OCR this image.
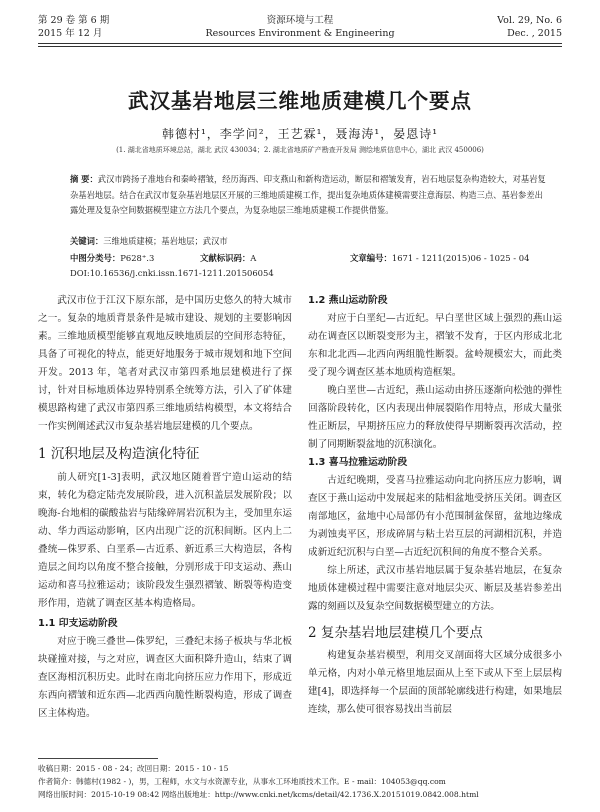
第 29 卷 第 6 期
2015 年 12 月
资源环境与工程
Resources Environment & Engineering
Vol. 29, No. 6
Dec. , 2015
武汉基岩地层三维地质建模几个要点
韩德村¹，李学问²，王艺霖¹，聂海涛¹，晏恩诗¹
(1. 湖北省地质环境总站，湖北 武汉 430034；2. 湖北省地质矿产勘查开发局 测绘地质信息中心，湖北 武汉 450006)
摘 要：武汉市跨扬子准地台和秦岭褶皱，经历海西、印支燕山和新构造运动，断层和褶皱发育，岩石地层复杂构造较大，对基岩复杂基岩地层。结合在武汉市复杂基岩地层区开展的三维地质建模工作，提出复杂地质体建模需要注意海层、构造三点、基岩参差出露处理及复杂空间数据模型建立方法几个要点，为复杂地层三维地质建模工作提供借鉴。
关键词：三维地质建模；基岩地层；武汉市
中图分类号：P628⁺.3	文献标识码：A	文章编号：1671 - 1211(2015)06 - 1025 - 04
DOI:10.16536/j.cnki.issn.1671-1211.201506054

武汉市位于江汉下原东部，是中国历史悠久的特大城市之一。复杂的地质背景条件是城市建设、规划的主要影响因素。三维地质模型能够直观地反映地质层的空间形态特征，具备了可视化的特点，能更好地服务于城市规划和地下空间开发。2013 年，笔者对武汉市第四系地层建模进行了探讨，针对目标地质体边界特别系全统筹方法，引入了矿体建模思路构建了武汉市第四系三维地质结构模型，本文将结合一作实例阐述武汉市复杂基岩地层建模的几个要点。

1 沉积地层及构造演化特征

前人研究[1-3]表明，武汉地区随着晋宁造山运动的结束，转化为稳定陆壳发展阶段，进入沉积盖层发展阶段；以晚海-台地相的碳酸盐岩与陆缘碎屑岩沉积为主，受加里东运动、华力西运动影响，区内出现广泛的沉积间断。区内上二叠统—侏罗系、白垩系—古近系、新近系三大构造层，各构造层之间均以角度不整合接触，分别形成于印支运动、燕山运动和喜马拉雅运动；该阶段发生强烈褶皱、断裂等构造变形作用，造就了调查区基本构造格局。

1.1 印支运动阶段

对应于晚三叠世—侏罗纪，三叠纪末扬子板块与华北板块碰撞对接，与之对应，调查区大面积降升造山，结束了调查区海相沉积历史。此时在南北向挤压应力作用下，形成近东西向褶皱和近东西—北西西向脆性断裂构造，形成了调查区主体构造。

1.2 燕山运动阶段

对应于白垩纪—古近纪。早白垩世区域上强烈的燕山运动在调查区以断裂变形为主，褶皱不发育，于区内形成北北东和北北西—北西向两组脆性断裂。盆岭规模宏大，而此类受了现今调查区基本地质构造框架。

晚白垩世—古近纪，燕山运动由挤压逐渐向松弛的弹性回落阶段转化，区内表现出伸展裂陷作用特点，形成大量张性正断层，早期挤压应力的释放使得早期断裂再次活动，控制了同期断裂盆地的沉积演化。

1.3 喜马拉雅运动阶段

古近纪晚期，受喜马拉雅运动向北向挤压应力影响，调查区于燕山运动中发展起来的陆相盆地受挤压关闭。调查区南部地区，盆地中心局部仍有小范围制盆保留，盆地边缘成为剥蚀夷平区，形成碎屑与粘土岩互层的河湖相沉积，并造成新近纪沉积与白垩—古近纪沉积间的角度不整合关系。

综上所述，武汉市基岩地层属于复杂基岩地层，在复杂地质体建模过程中需要注意对地层尖灭、断层及基岩参差出露的刻画以及复杂空间数据模型建立的方法。

2 复杂基岩地层建模几个要点

构建复杂基岩模型，利用交叉剖面将大区域分成很多小单元格，内对小单元格里地层面从上至下或从下至上层层构建[4]，即选择每一个层面的顶部轮廓线进行构建，如果地层连续，那么使可很容易找出当前层

收稿日期：2015 - 08 - 24；改回日期：2015 - 10 - 15
作者简介：韩德村(1982 - )，男，工程师，水文与水资源专业，从事水工环地质技术工作。E - mail：104053@qq.com
网络出版时间：2015-10-19 08:42 网络出版地址：http://www.cnki.net/kcms/detail/42.1736.X.20151019.0842.008.html
